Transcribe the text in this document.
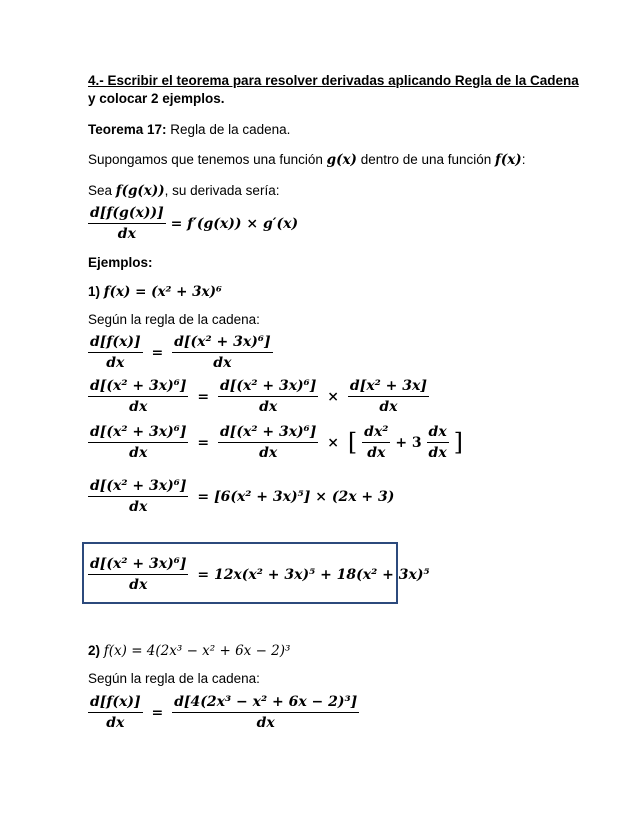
4.- Escribir el teorema para resolver derivadas aplicando Regla de la Cadena
y colocar 2 ejemplos.
Teorema 17: Regla de la cadena.
Supongamos que tenemos una función g(x) dentro de una función f(x):
Sea f(g(x)), su derivada sería:
$\frac{d[f(g(x))]}{dx} = f'(g(x)) \times g'(x)$
Ejemplos:
1) f(x) = (x² + 3x)⁶
Según la regla de la cadena:
$\frac{d[f(x)]}{dx} = \frac{\text{d[(x² + 3x)⁶]}}{dx}$
$\frac{\text{d[(x² + 3x)⁶]}}{dx} = \frac{\text{d[(x² + 3x)⁶]}}{dx} \times \frac{\text{d[x² + 3x]}}{dx}$
$\frac{\text{d[(x² + 3x)⁶]}}{dx} = \frac{\text{d[(x² + 3x)⁶]}}{dx}$ × [ $\frac{\text{dx²}}{dx} + 3 \frac{dx}{dx}$ ]
$\frac{\text{d[(x² + 3x)⁶]}}{dx} = [6(x^2 + 3x)^5] \times (2x + 3)$
$\frac{\text{d[(x² + 3x)⁶]}}{dx} = 12x(x^2 + 3x)^5 + 18(x^2 + 3x)^5$
2) f(x) = 4(2x³ − x² + 6x − 2)³
Según la regla de la cadena:
$\frac{d[f(x)]}{dx} = \frac{\text{d[4(2x³ − x² + 6x − 2)³]}}{dx}$
